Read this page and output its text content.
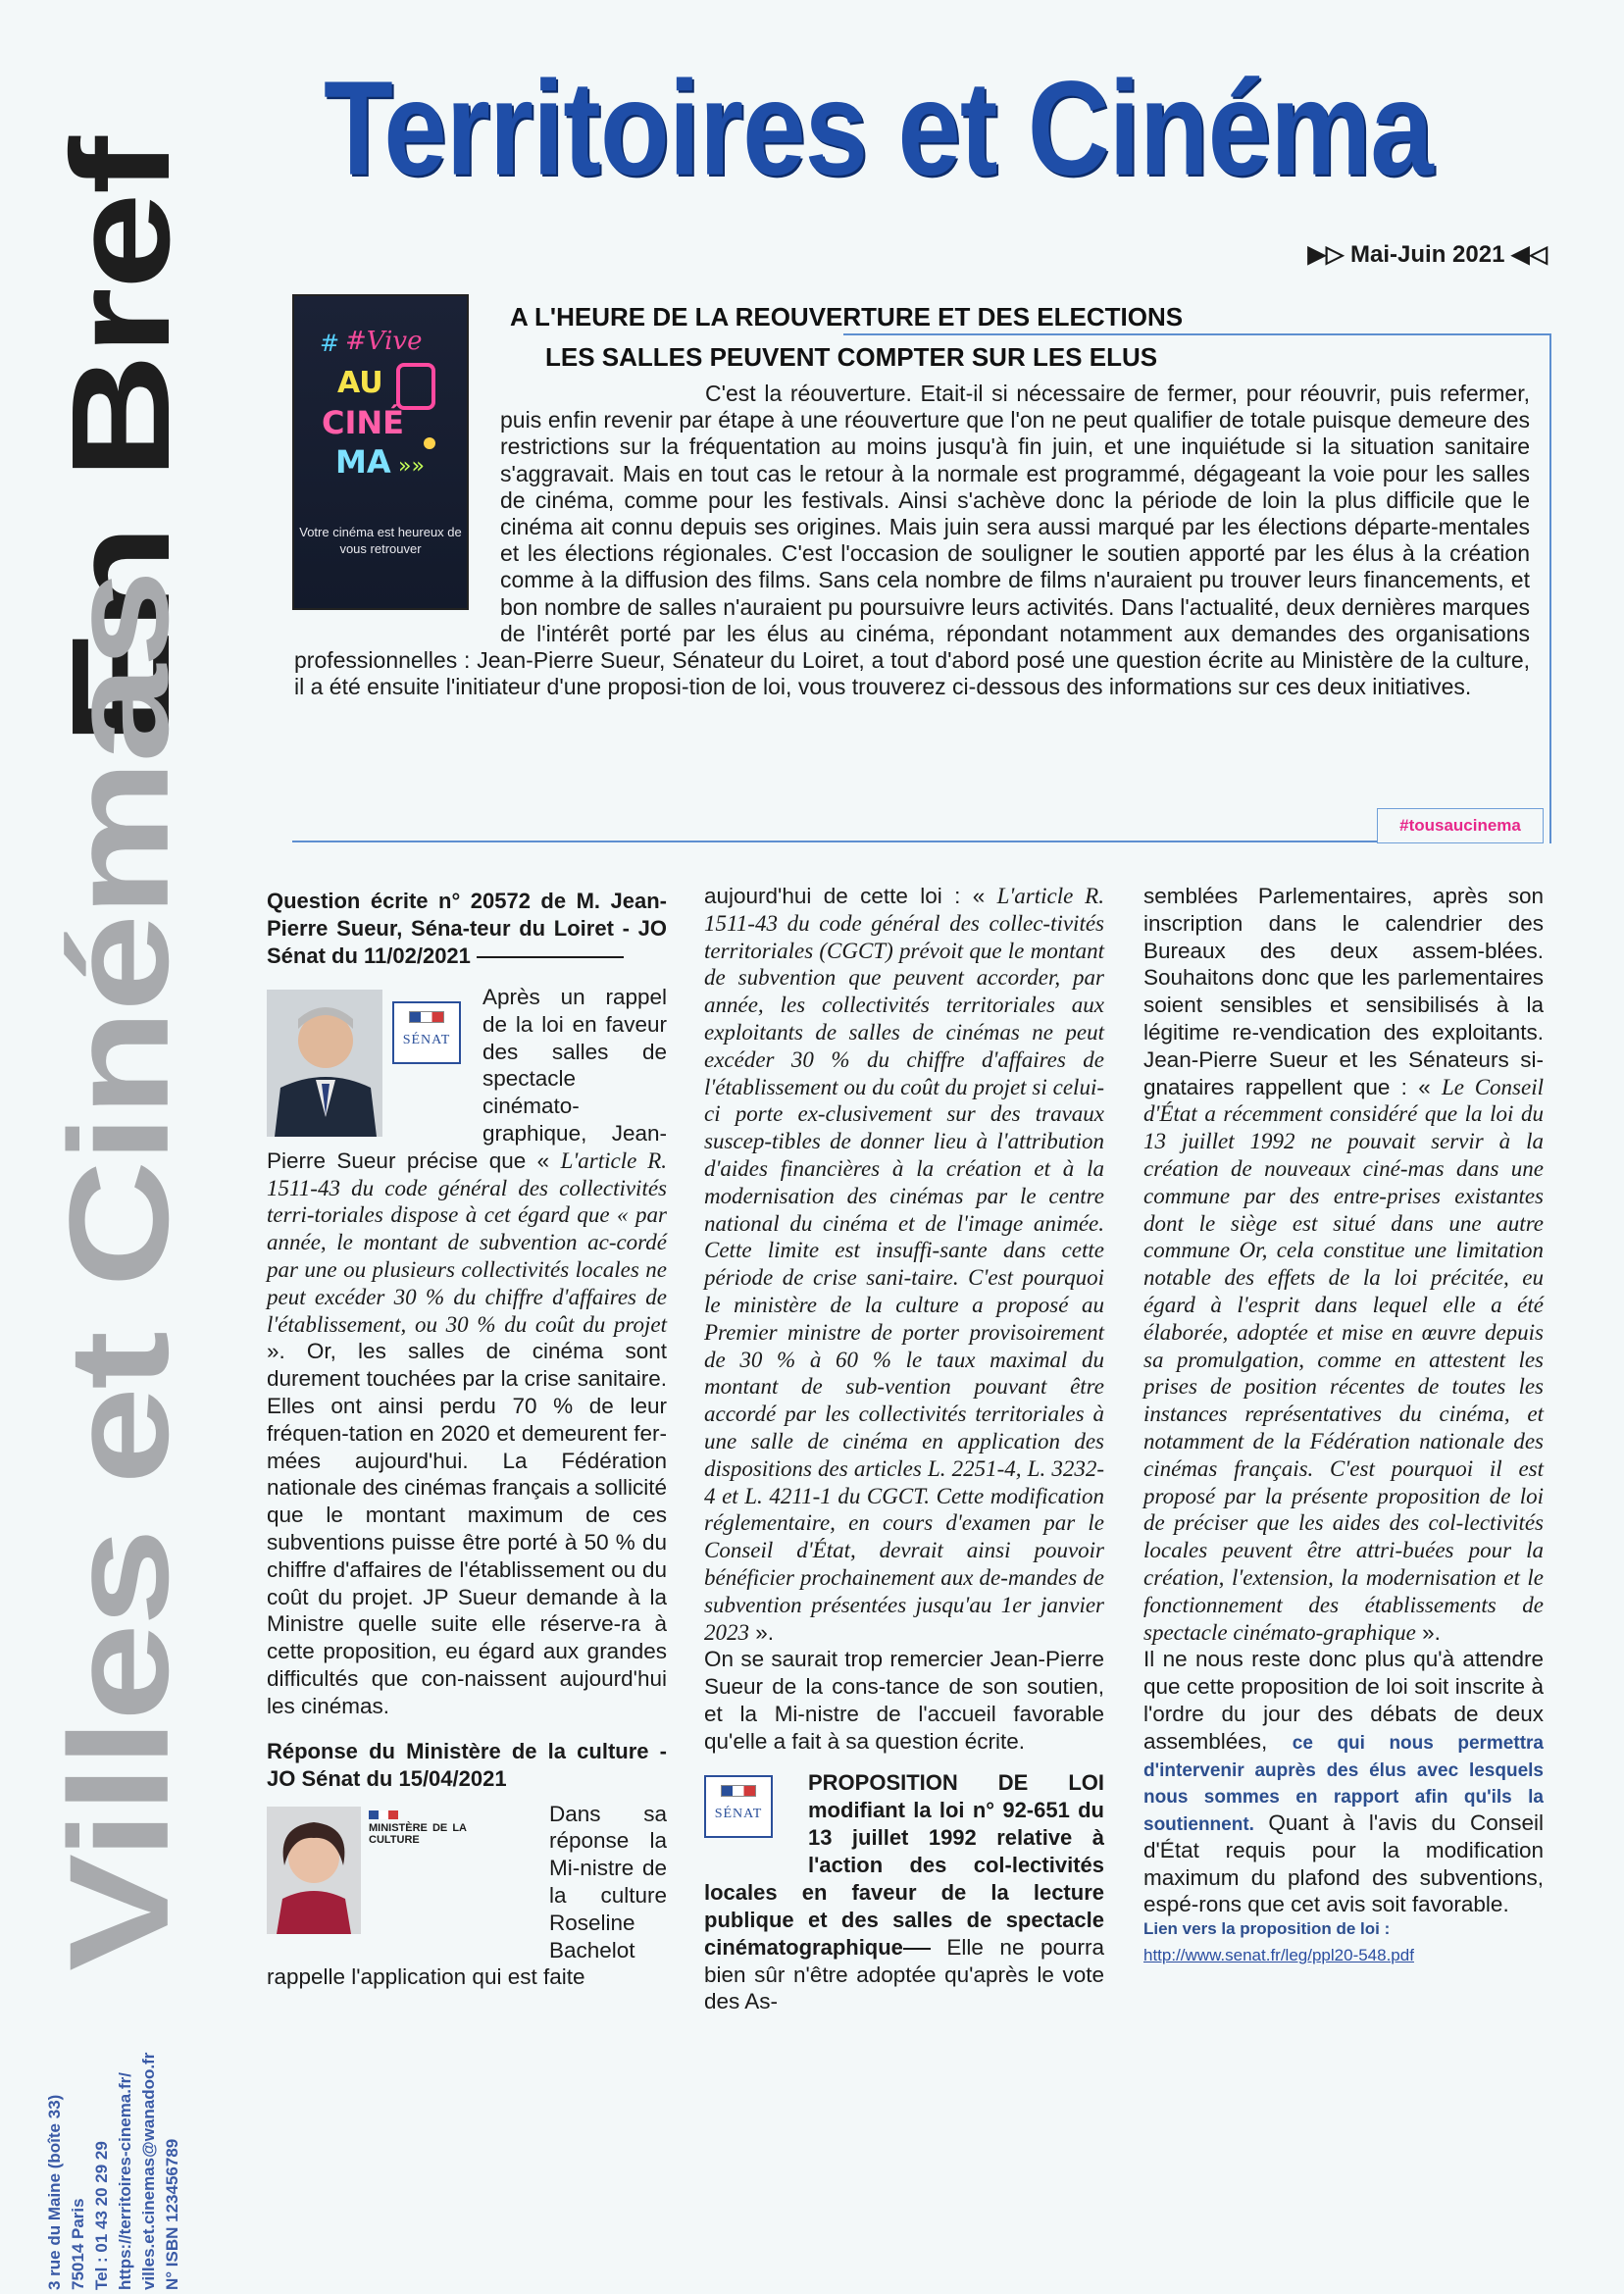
En Bref
Villes et Cinémas
3 rue du Maine (boîte 33) 75014 Paris Tel : 01 43 20 29 29 https://territoires-cinema.fr/ villes.et.cinemas@wanadoo.fr N° ISBN 123456789
Territoires et Cinéma
▶▷ Mai-Juin 2021 ◀◁
#Vive
#
AU
CINÉ
MA »»
Votre cinéma est heureux de vous retrouver
A L'HEURE DE LA REOUVERTURE ET DES ELECTIONS
LES SALLES PEUVENT COMPTER SUR LES ELUS

C'est la réouverture. Etait-il si nécessaire de fermer, pour réouvrir, puis refermer, puis enfin revenir par étape à une réouverture que l'on ne peut qualifier de totale puisque demeure des restrictions sur la fréquentation au moins jusqu'à fin juin, et une inquiétude si la situation sanitaire s'aggravait. Mais en tout cas le retour à la normale est programmé, dégageant la voie pour les salles de cinéma, comme pour les festivals. Ainsi s'achève donc la période de loin la plus difficile que le cinéma ait connu depuis ses origines. Mais juin sera aussi marqué par les élections départe-mentales et les élections régionales. C'est l'occasion de souligner le soutien apporté par les élus à la création comme à la diffusion des films. Sans cela nombre de films n'auraient pu trouver leurs financements, et bon nombre de salles n'auraient pu poursuivre leurs activités. Dans l'actualité, deux dernières marques de l'intérêt porté par les élus au cinéma, répondant notamment aux demandes des organisations professionnelles : Jean-Pierre Sueur, Sénateur du Loiret, a tout d'abord posé une question écrite au Ministère de la culture, il a été ensuite l'initiateur d'une proposi-tion de loi, vous trouverez ci-dessous des informations sur ces deux initiatives.

#tousaucinema
Question écrite n° 20572 de M. Jean-Pierre Sueur, Séna-teur du Loiret - JO Sénat du 11/02/2021
SÉNAT
Après un rappel de la loi en faveur des salles de spectacle cinémato-graphique, Jean-Pierre Sueur précise que « L'article R. 1511-43 du code général des collectivités terri-toriales dispose à cet égard que « par année, le montant de subvention ac-cordé par une ou plusieurs collectivités locales ne peut excéder 30 % du chiffre d'affaires de l'établissement, ou 30 % du coût du projet ». Or, les salles de cinéma sont durement touchées par la crise sanitaire. Elles ont ainsi perdu 70 % de leur fréquen-tation en 2020 et demeurent fer-mées aujourd'hui. La Fédération nationale des cinémas français a sollicité que le montant maximum de ces subventions puisse être porté à 50 % du chiffre d'affaires de l'établissement ou du coût du projet. JP Sueur demande à la Ministre quelle suite elle réserve-ra à cette proposition, eu égard aux grandes difficultés que con-naissent aujourd'hui les cinémas.
Réponse du Ministère de la culture - JO Sénat du 15/04/2021
MINISTÈRE DE LA CULTURE
Dans sa réponse la Mi-nistre de la culture Roseline Bachelot rappelle l'application qui est faite
aujourd'hui de cette loi : « L'article R. 1511-43 du code général des collec-tivités territoriales (CGCT) prévoit que le montant de subvention que peuvent accorder, par année, les collectivités territoriales aux exploitants de salles de cinémas ne peut excéder 30 % du chiffre d'affaires de l'établissement ou du coût du projet si celui-ci porte ex-clusivement sur des travaux suscep-tibles de donner lieu à l'attribution d'aides financières à la création et à la modernisation des cinémas par le centre national du cinéma et de l'image animée. Cette limite est insuffi-sante dans cette période de crise sani-taire. C'est pourquoi le ministère de la culture a proposé au Premier ministre de porter provisoirement de 30 % à 60 % le taux maximal du montant de sub-vention pouvant être accordé par les collectivités territoriales à une salle de cinéma en application des dispositions des articles L. 2251-4, L. 3232-4 et L. 4211-1 du CGCT. Cette modification réglementaire, en cours d'examen par le Conseil d'État, devrait ainsi pouvoir bénéficier prochainement aux de-mandes de subvention présentées jusqu'au 1er janvier 2023 ».
On se saurait trop remercier Jean-Pierre Sueur de la cons-tance de son soutien, et la Mi-nistre de l'accueil favorable qu'elle a fait à sa question écrite.
SÉNAT
PROPOSITION DE LOI modifiant la loi n° 92-651 du 13 juillet 1992 relative à l'action des col-lectivités locales en faveur de la lecture publique et des salles de spectacle cinématographique Elle ne pourra bien sûr n'être adoptée qu'après le vote des As-
semblées Parlementaires, après son inscription dans le calendrier des Bureaux des deux assem-blées. Souhaitons donc que les parlementaires soient sensibles et sensibilisés à la légitime re-vendication des exploitants. Jean-Pierre Sueur et les Sénateurs si-gnataires rappellent que : « Le Conseil d'État a récemment considéré que la loi du 13 juillet 1992 ne pouvait servir à la création de nouveaux ciné-mas dans une commune par des entre-prises existantes dont le siège est situé dans une autre commune Or, cela constitue une limitation notable des effets de la loi précitée, eu égard à l'esprit dans lequel elle a été élaborée, adoptée et mise en œuvre depuis sa promulgation, comme en attestent les prises de position récentes de toutes les instances représentatives du cinéma, et notamment de la Fédération nationale des cinémas français. C'est pourquoi il est proposé par la présente proposition de loi de préciser que les aides des col-lectivités locales peuvent être attri-buées pour la création, l'extension, la modernisation et le fonctionnement des établissements de spectacle cinémato-graphique ».
Il ne nous reste donc plus qu'à attendre que cette proposition de loi soit inscrite à l'ordre du jour des débats de deux assemblées, ce qui nous permettra d'intervenir auprès des élus avec lesquels nous sommes en rapport afin qu'ils la soutiennent. Quant à l'avis du Conseil d'État requis pour la modification maximum du plafond des subventions, espé-rons que cet avis soit favorable.
Lien vers la proposition de loi :
http://www.senat.fr/leg/ppl20-548.pdf
